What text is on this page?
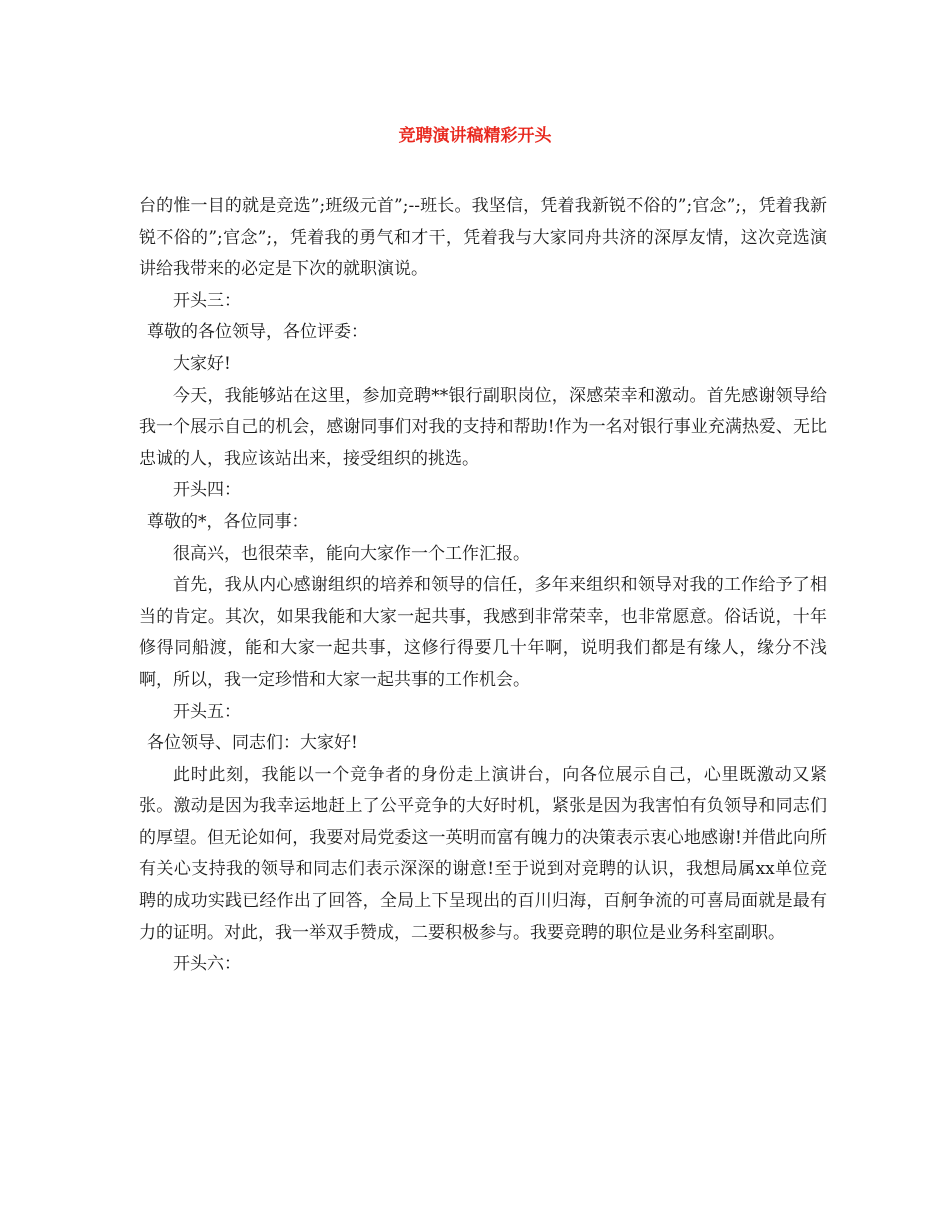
竞聘演讲稿精彩开头

台的惟一目的就是竞选”;班级元首”;--班长。我坚信，凭着我新锐不俗的”;官念”;，凭着我新锐不俗的”;官念”;，凭着我的勇气和才干，凭着我与大家同舟共济的深厚友情，这次竞选演讲给我带来的必定是下次的就职演说。

开头三：

尊敬的各位领导，各位评委：

大家好!

今天，我能够站在这里，参加竞聘**银行副职岗位，深感荣幸和激动。首先感谢领导给我一个展示自己的机会，感谢同事们对我的支持和帮助!作为一名对银行事业充满热爱、无比忠诚的人，我应该站出来，接受组织的挑选。

开头四：

尊敬的*，各位同事：

很高兴，也很荣幸，能向大家作一个工作汇报。

首先，我从内心感谢组织的培养和领导的信任，多年来组织和领导对我的工作给予了相当的肯定。其次，如果我能和大家一起共事，我感到非常荣幸，也非常愿意。俗话说，十年修得同船渡，能和大家一起共事，这修行得要几十年啊，说明我们都是有缘人，缘分不浅啊，所以，我一定珍惜和大家一起共事的工作机会。

开头五：

各位领导、同志们：大家好!

此时此刻，我能以一个竞争者的身份走上演讲台，向各位展示自己，心里既激动又紧张。激动是因为我幸运地赶上了公平竞争的大好时机，紧张是因为我害怕有负领导和同志们的厚望。但无论如何，我要对局党委这一英明而富有魄力的决策表示衷心地感谢!并借此向所有关心支持我的领导和同志们表示深深的谢意!至于说到对竞聘的认识，我想局属xx单位竞聘的成功实践已经作出了回答，全局上下呈现出的百川归海，百舸争流的可喜局面就是最有力的证明。对此，我一举双手赞成，二要积极参与。我要竞聘的职位是业务科室副职。

开头六：
